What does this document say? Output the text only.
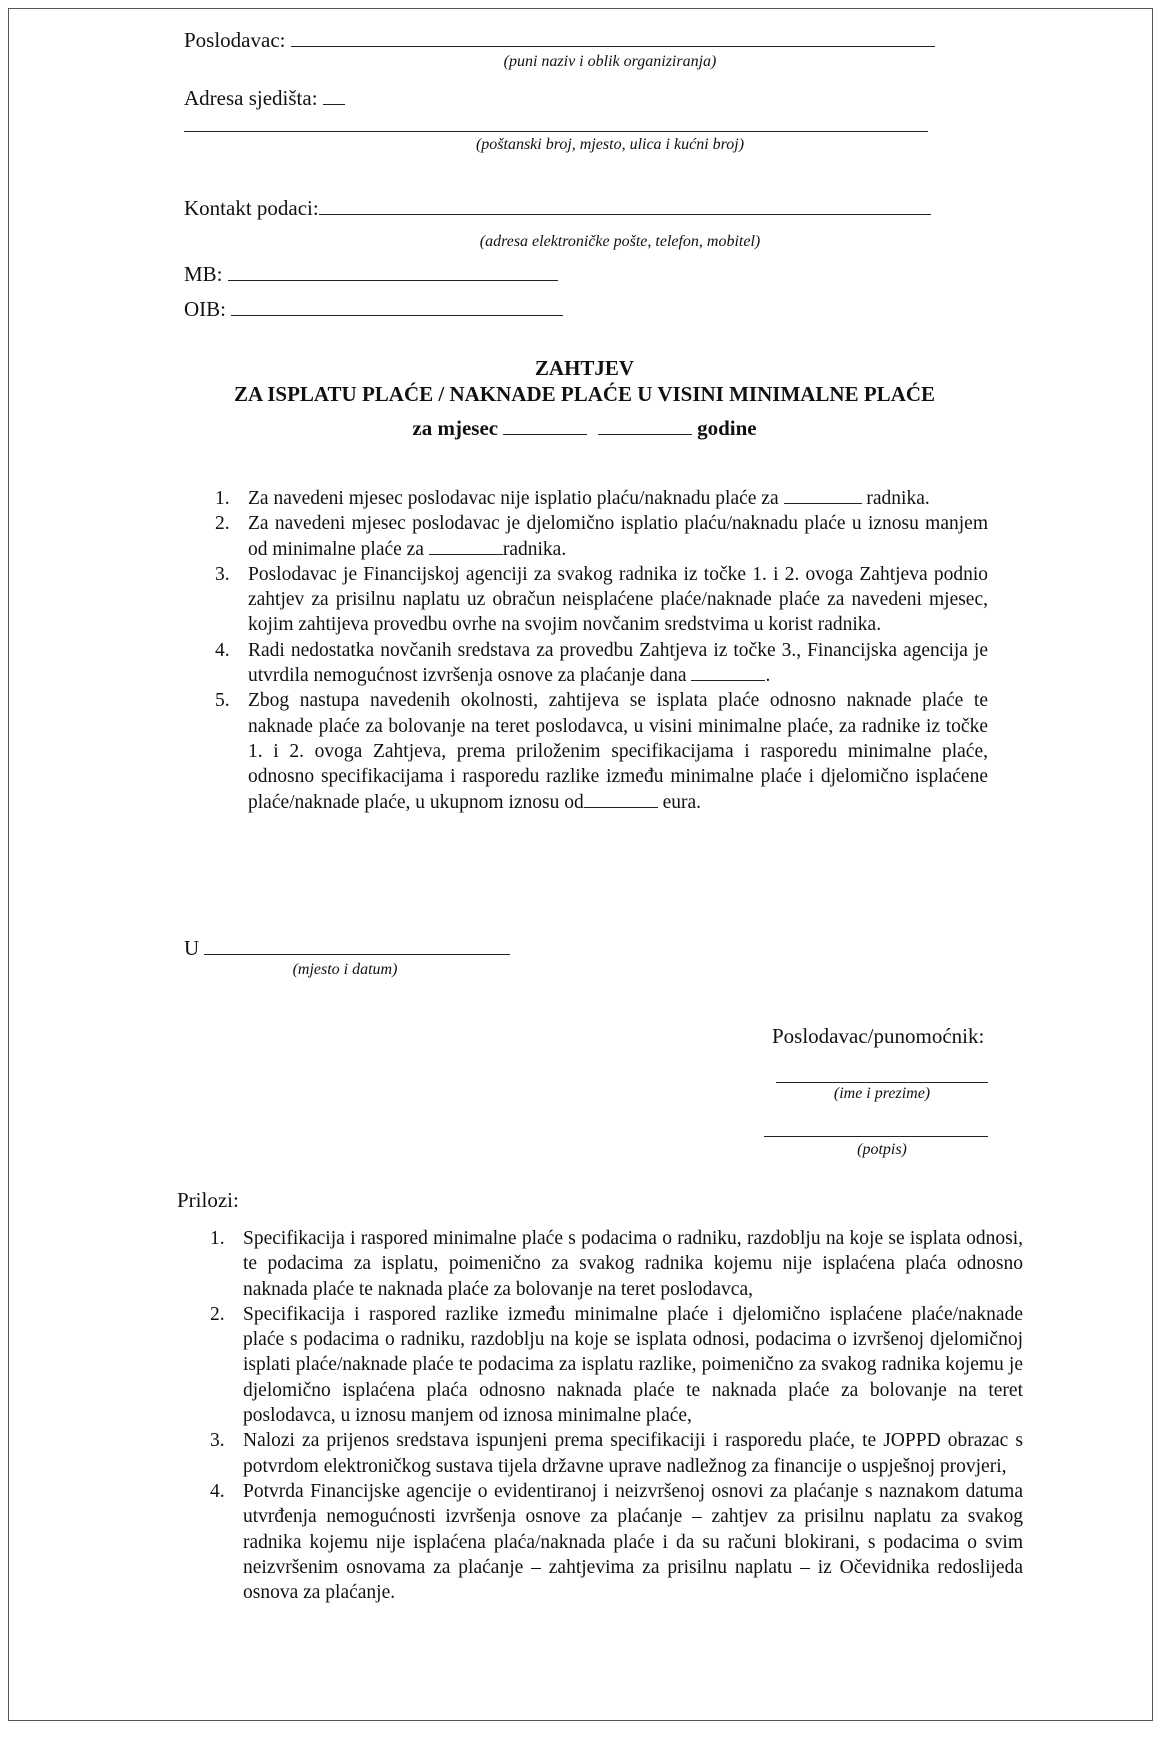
Poslodavac:
(puni naziv i oblik organiziranja)
Adresa sjedišta:
(poštanski broj, mjesto, ulica i kućni broj)
Kontakt podaci:
(adresa elektroničke pošte, telefon, mobitel)
MB:
OIB:
ZAHTJEV
ZA ISPLATU PLAĆE / NAKNADE PLAĆE U VISINI MINIMALNE PLAĆE
za mjesec	godine
1. Za navedeni mjesec poslodavac nije isplatio plaću/naknadu plaće za	radnika.
2. Za navedeni mjesec poslodavac je djelomično isplatio plaću/naknadu plaće u iznosu manjem od minimalne plaće za	radnika.
3. Poslodavac je Financijskoj agenciji za svakog radnika iz točke 1. i 2. ovoga Zahtjeva podnio zahtjev za prisilnu naplatu uz obračun neisplaćene plaće/naknade plaće za navedeni mjesec, kojim zahtijeva provedbu ovrhe na svojim novčanim sredstvima u korist radnika.
4. Radi nedostatka novčanih sredstava za provedbu Zahtjeva iz točke 3., Financijska agencija je utvrdila nemogućnost izvršenja osnove za plaćanje dana	.
5. Zbog nastupa navedenih okolnosti, zahtijeva se isplata plaće odnosno naknade plaće te naknade plaće za bolovanje na teret poslodavca, u visini minimalne plaće, za radnike iz točke 1. i 2. ovoga Zahtjeva, prema priloženim specifikacijama i rasporedu minimalne plaće, odnosno specifikacijama i rasporedu razlike između minimalne plaće i djelomično isplaćene plaće/naknade plaće, u ukupnom iznosu od	eura.
U
(mjesto i datum)
Poslodavac/punomoćnik:
(ime i prezime)
(potpis)
Prilozi:
1. Specifikacija i raspored minimalne plaće s podacima o radniku, razdoblju na koje se isplata odnosi, te podacima za isplatu, poimenično za svakog radnika kojemu nije isplaćena plaća odnosno naknada plaće te naknada plaće za bolovanje na teret poslodavca,
2. Specifikacija i raspored razlike između minimalne plaće i djelomično isplaćene plaće/naknade plaće s podacima o radniku, razdoblju na koje se isplata odnosi, podacima o izvršenoj djelomičnoj isplati plaće/naknade plaće te podacima za isplatu razlike, poimenično za svakog radnika kojemu je djelomično isplaćena plaća odnosno naknada plaće te naknada plaće za bolovanje na teret poslodavca, u iznosu manjem od iznosa minimalne plaće,
3. Nalozi za prijenos sredstava ispunjeni prema specifikaciji i rasporedu plaće, te JOPPD obrazac s potvrdom elektroničkog sustava tijela državne uprave nadležnog za financije o uspješnoj provjeri,
4. Potvrda Financijske agencije o evidentiranoj i neizvršenoj osnovi za plaćanje s naznakom datuma utvrđenja nemogućnosti izvršenja osnove za plaćanje – zahtjev za prisilnu naplatu za svakog radnika kojemu nije isplaćena plaća/naknada plaće i da su računi blokirani, s podacima o svim neizvršenim osnovama za plaćanje – zahtjevima za prisilnu naplatu – iz Očevidnika redoslijeda osnova za plaćanje.
